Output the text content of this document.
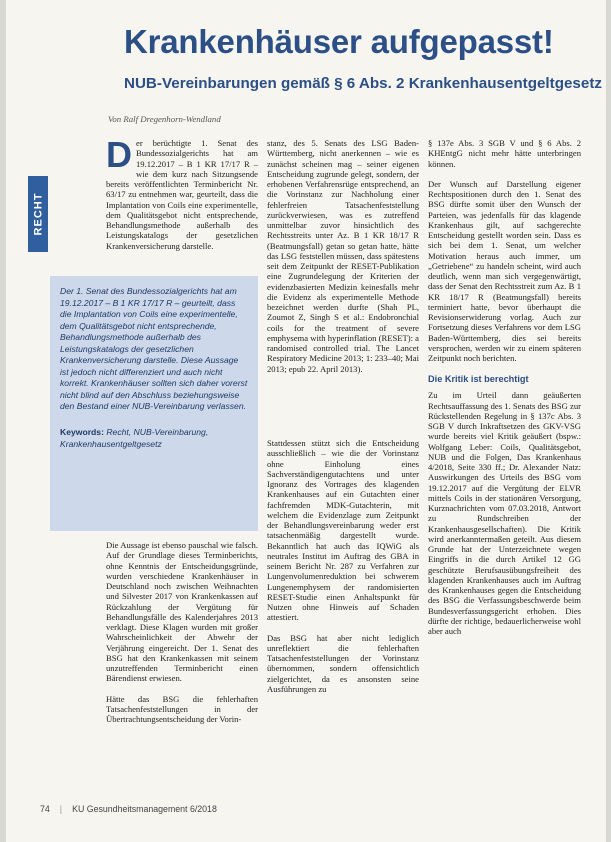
RECHT
Krankenhäuser aufgepasst!
NUB-Vereinbarungen gemäß § 6 Abs. 2 Krankenhausentgeltgesetz
Von Ralf Dregenhorn-Wendland

Der berüchtigte 1. Senat des Bundessozialgerichts hat am 19.12.2017 – B 1 KR 17/17 R – wie dem kurz nach Sitzungsende bereits veröffentlichten Terminbericht Nr. 63/17 zu entnehmen war, geurteilt, dass die Implantation von Coils eine experimentelle, dem Qualitätsgebot nicht entsprechende, Behandlungsmethode außerhalb des Leistungskatalogs der gesetzlichen Krankenversicherung darstelle.

Der 1. Senat des Bundessozialgerichts hat am 19.12.2017 – B 1 KR 17/17 R – geurteilt, dass die Implantation von Coils eine experimentelle, dem Qualitätsgebot nicht entsprechende, Behandlungsmethode außerhalb des Leistungskatalogs der gesetzlichen Krankenversicherung darstelle. Diese Aussage ist jedoch nicht differenziert und auch nicht korrekt. Krankenhäuser sollten sich daher vorerst nicht blind auf den Abschluss beziehungsweise den Bestand einer NUB-Vereinbarung verlassen.

Keywords: Recht, NUB-Vereinbarung, Krankenhausentgeltgesetz

Die Aussage ist ebenso pauschal wie falsch. Auf der Grundlage dieses Terminberichts, ohne Kenntnis der Entscheidungsgründe, wurden verschiedene Krankenhäuser in Deutschland noch zwischen Weihnachten und Silvester 2017 von Krankenkassen auf Rückzahlung der Vergütung für Behandlungsfälle des Kalenderjahres 2013 verklagt. Diese Klagen wurden mit großer Wahrscheinlichkeit der Abwehr der Verjährung eingereicht. Der 1. Senat des BSG hat den Krankenkassen mit seinem unzutreffenden Terminbericht einen Bärendienst erwiesen.

Hätte das BSG die fehlerhaften Tatsachenfeststellungen in der Übertrachtungsentscheidung der Vorin-

stanz, des 5. Senats des LSG Baden-Württemberg, nicht anerkennen – wie es zunächst scheinen mag – seiner eigenen Entscheidung zugrunde gelegt, sondern, der erhobenen Verfahrensrüge entsprechend, an die Vorinstanz zur Nachholung einer fehlerfreien Tatsachenfeststellung zurückverwiesen, was es zutreffend unmittelbar zuvor hinsichtlich des Rechtsstreits unter Az. B 1 KR 18/17 R (Beatmungsfall) getan so getan hatte, hätte das LSG feststellen müssen, dass spätestens seit dem Zeitpunkt der RESET-Publikation eine Zugrundelegung der Kriterien der evidenzbasierten Medizin keinesfalls mehr die Evidenz als experimentelle Methode bezeichnet werden durfte (Shah PL, Zoumot Z, Singh S et al.: Endobronchial coils for the treatment of severe emphysema with hyperinflation (RESET): a randomised controlled trial. The Lancet Respiratory Medicine 2013; 1: 233–40; Mai 2013; epub 22. April 2013).

Stattdessen stützt sich die Entscheidung ausschließlich – wie die der Vorinstanz ohne Einholung eines Sachverständigengutachtens und unter Ignoranz des Vortrages des klagenden Krankenhauses auf ein Gutachten einer fachfremden MDK-Gutachterin, mit welchem die Evidenzlage zum Zeitpunkt der Behandlungsvereinbarung weder erst tatsachenmäßig dargestellt wurde. Bekanntlich hat auch das IQWiG als neutrales Institut im Auftrag des GBA in seinem Bericht Nr. 287 zu Verfahren zur Lungenvolumenreduktion bei schwerem Lungenemphysem der randomisierten RESET-Studie einen Anhaltspunkt für Nutzen ohne Hinweis auf Schaden attestiert.

Das BSG hat aber nicht lediglich unreflektiert die fehlerhaften Tatsachenfeststellungen der Vorinstanz übernommen, sondern offensichtlich zielgerichtet, da es ansonsten seine Ausführungen zu

§ 137e Abs. 3 SGB V und § 6 Abs. 2 KHEntgG nicht mehr hätte unterbringen können.

Der Wunsch auf Darstellung eigener Rechtspositionen durch den 1. Senat des BSG dürfte somit über den Wunsch der Parteien, was jedenfalls für das klagende Krankenhaus gilt, auf sachgerechte Entscheidung gestellt worden sein. Dass es sich bei dem 1. Senat, um welcher Motivation heraus auch immer, um „Getriebene“ zu handeln scheint, wird auch deutlich, wenn man sich vergegenwärtigt, dass der Senat den Rechtsstreit zum Az. B 1 KR 18/17 R (Beatmungsfall) bereits terminiert hatte, bevor überhaupt die Revisionserwiderung vorlag. Auch zur Fortsetzung dieses Verfahrens vor dem LSG Baden-Württemberg, dies sei bereits versprochen, werden wir zu einem späteren Zeitpunkt noch berichten.

Die Kritik ist berechtigt

Zu im Urteil dann geäußerten Rechtsauffassung des 1. Senats des BSG zur Rückstellenden Regelung in § 137c Abs. 3 SGB V durch Inkraftsetzen des GKV-VSG wurde bereits viel Kritik geäußert (bspw.: Wolfgang Leber: Coils, Qualitätsgebot, NUB und die Folgen, Das Krankenhaus 4/2018, Seite 330 ff.; Dr. Alexander Natz: Auswirkungen des Urteils des BSG vom 19.12.2017 auf die Vergütung der ELVR mittels Coils in der stationären Versorgung, Kurznachrichten vom 07.03.2018, Antwort zu Rundschreiben der Krankenhausgesellschaften). Die Kritik wird anerkanntermaßen geteilt. Aus diesem Grunde hat der Unterzeichnete wegen Eingriffs in die durch Artikel 12 GG geschützte Berufsausübungsfreiheit des klagenden Krankenhauses auch im Auftrag des Krankenhauses gegen die Entscheidung des BSG die Verfassungsbeschwerde beim Bundesverfassungsgericht erhoben. Dies dürfte der richtige, bedauerlicherweise wohl aber auch

74 | KU Gesundheitsmanagement 6/2018
